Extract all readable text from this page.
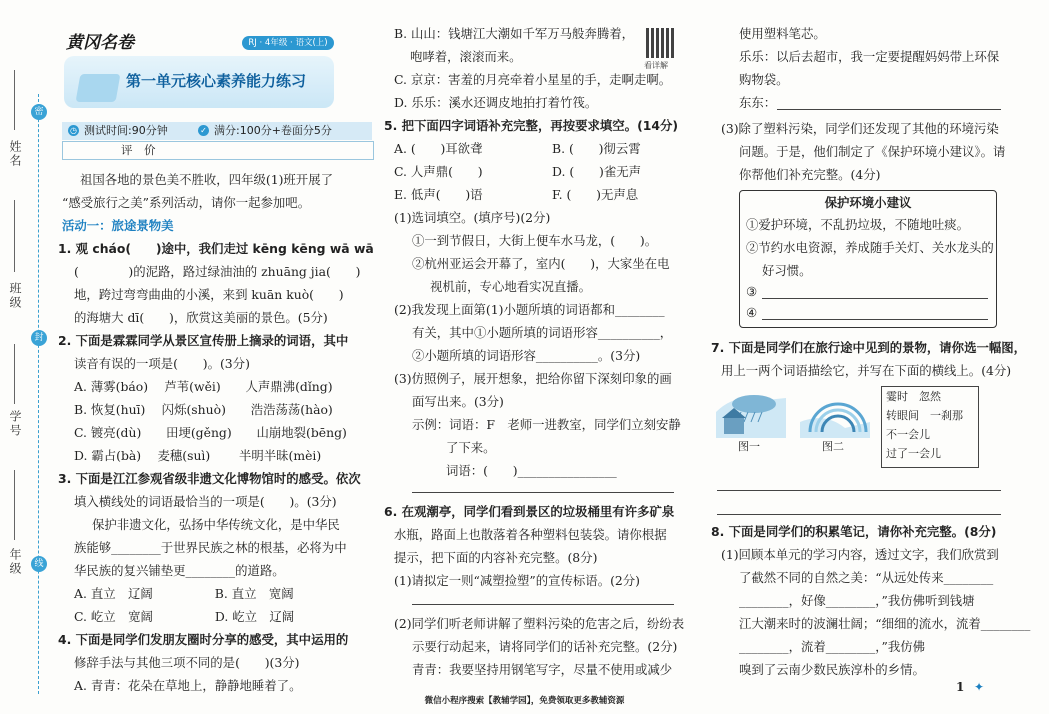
姓名
密
班级
封
学号
年级	线
黄冈名卷	RJ · 4年级 · 语文(上)
第一单元核心素养能力练习
◷ 测试时间:90分钟	✓ 满分:100分+卷面分5分
评　价
祖国各地的景色美不胜收，四年级(1)班开展了
“感受旅行之美”系列活动，请你一起参加吧。
活动一：旅途景物美
1. 观 cháo(　　)途中，我们走过 kēng kēng wā wā
(　　　　)的泥路，路过绿油油的 zhuāng jia(　　)
地，跨过弯弯曲曲的小溪，来到 kuān kuò(　　)
的海塘大 dī(　　)，欣赏这美丽的景色。(5分)
2. 下面是霖霖同学从景区宣传册上摘录的词语，其中
读音有误的一项是(　　)。(3分)
A. 薄雾(báo)　 芦苇(wěi)　　人声鼎沸(dǐng)
B. 恢复(huī)　 闪烁(shuò)　　浩浩荡荡(hào)
C. 镀亮(dù)　　田埂(gěng)　　山崩地裂(bēng)
D. 霸占(bà)　 麦穗(suì)　　 半明半昧(mèi)
3. 下面是江江参观省级非遗文化博物馆时的感受。依次
填入横线处的词语最恰当的一项是(　　)。(3分)
保护非遗文化，弘扬中华传统文化，是中华民
族能够________于世界民族之林的根基，必将为中
华民族的复兴铺垫更________的道路。
A. 直立　辽阔　　　　　B. 直立　宽阔
C. 屹立　宽阔　　　　　D. 屹立　辽阔
4. 下面是同学们发朋友圈时分享的感受，其中运用的
修辞手法与其他三项不同的是(　　)(3分)
A. 青青：花朵在草地上，静静地睡着了。
看详解
B. 山山：钱塘江大潮如千军万马般奔腾着，
咆哮着，滚滚而来。
C. 京京：害羞的月亮牵着小星星的手，走啊走啊。
D. 乐乐：溪水还调皮地拍打着竹筏。
5. 把下面四字词语补充完整，再按要求填空。(14分)
A. (　　)耳欲聋	B. (　　)彻云霄
C. 人声鼎(　　)	D. (　　)雀无声
E. 低声(　　)语	F. (　　)无声息
(1)选词填空。(填序号)(2分)
①一到节假日，大街上便车水马龙，(　　)。
②杭州亚运会开幕了，室内(　　)，大家坐在电
视机前，专心地看实况直播。
(2)我发现上面第(1)小题所填的词语都和________
有关，其中①小题所填的词语形容__________，
②小题所填的词语形容__________。(3分)
(3)仿照例子，展开想象，把给你留下深刻印象的画
面写出来。(3分)
示例：词语：F　老师一进教室，同学们立刻安静
了下来。
词语：(　　)________________
6. 在观潮亭，同学们看到景区的垃圾桶里有许多矿泉
水瓶，路面上也散落着各种塑料包装袋。请你根据
提示，把下面的内容补充完整。(8分)
(1)请拟定一则“减塑捡塑”的宣传标语。(2分)
(2)同学们听老师讲解了塑料污染的危害之后，纷纷表
示要行动起来，请将同学们的话补充完整。(2分)
青青：我要坚持用钢笔写字，尽量不使用或减少
使用塑料笔芯。
乐乐：以后去超市，我一定要提醒妈妈带上环保
购物袋。
东东：
(3)除了塑料污染，同学们还发现了其他的环境污染
问题。于是，他们制定了《保护环境小建议》。请
你帮他们补充完整。(4分)
7. 下面是同学们在旅行途中见到的景物，请你选一幅图，
用上一两个词语描绘它，并写在下面的横线上。(4分)
8. 下面是同学们的积累笔记，请你补充完整。(8分)
(1)回顾本单元的学习内容，透过文字，我们欣赏到
了截然不同的自然之美：“从远处传来________
________，好像________，”我仿佛听到钱塘
江大潮来时的波澜壮阔；“细细的流水，流着________
________，流着________，”我仿佛
嗅到了云南少数民族淳朴的乡情。
保护环境小建议
①爱护环境，不乱扔垃圾，不随地吐痰。
②节约水电资源，养成随手关灯、关水龙头的
好习惯。
③
④
图一	图二
霎时　忽然
转眼间　一刹那
不一会儿
过了一会儿
1 ✦
微信小程序搜索【教辅学园】，免费领取更多教辅资源
